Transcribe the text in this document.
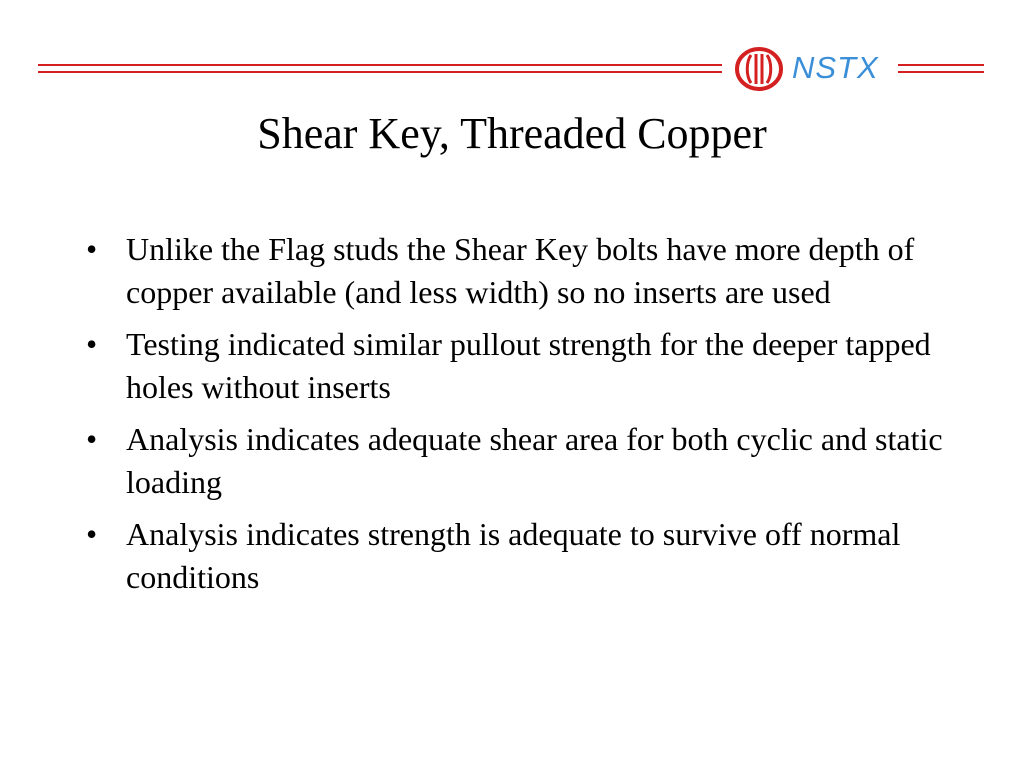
NSTX
Shear Key, Threaded Copper
• Unlike the Flag studs the Shear Key bolts have more depth of copper available (and less width) so no inserts are used
• Testing indicated similar pullout strength for the deeper tapped holes without inserts
• Analysis indicates adequate shear area for both cyclic and static loading
• Analysis indicates strength is adequate to survive off normal conditions
